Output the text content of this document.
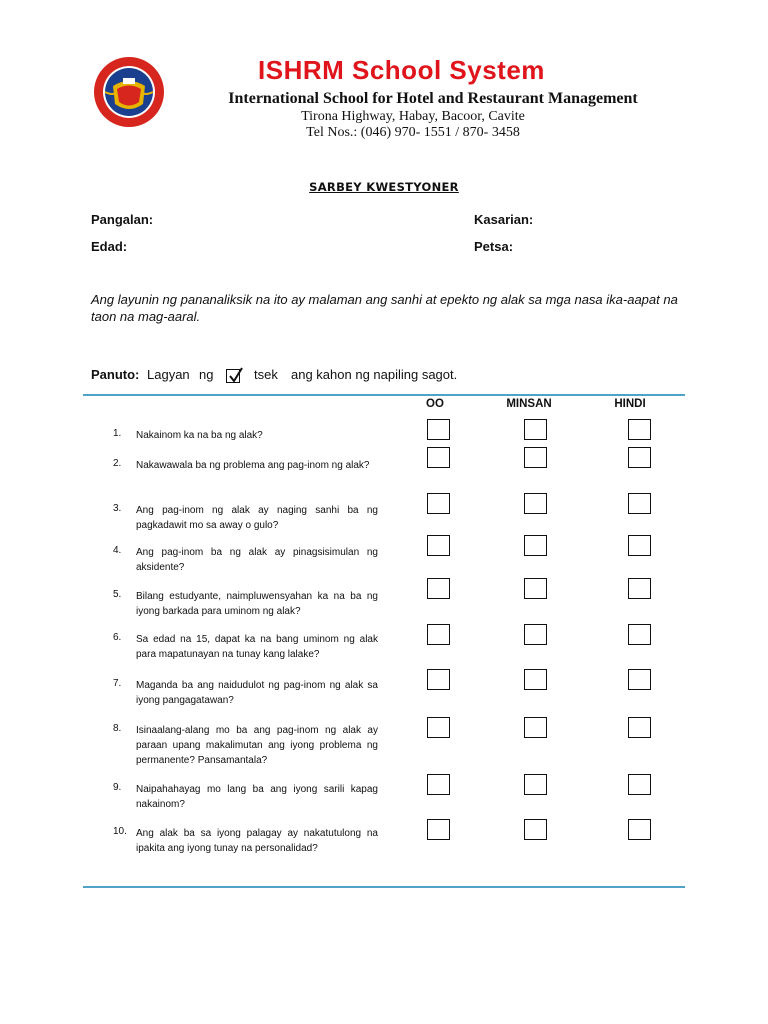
ISHRM School System
International School for Hotel and Restaurant Management
Tirona Highway, Habay, Bacoor, Cavite
Tel Nos.: (046) 970- 1551 / 870- 3458
SARBEY KWESTYONER
Pangalan:	Kasarian:
Edad:	Petsa:
Ang layunin ng pananaliksik na ito ay malaman ang sanhi at epekto ng alak sa mga nasa ika-aapat na taon na mag-aaral.
Panuto: Lagyan ng	tsek ang kahon ng napiling sagot.
OO	MINSAN	HINDI
1. Nakainom ka na ba ng alak?
2. Nakawawala ba ng problema ang pag-inom ng alak?
3. Ang pag-inom ng alak ay naging sanhi ba ng pagkadawit mo sa away o gulo?
4. Ang pag-inom ba ng alak ay pinagsisimulan ng aksidente?
5. Bilang estudyante, naimpluwensyahan ka na ba ng iyong barkada para uminom ng alak?
6. Sa edad na 15, dapat ka na bang uminom ng alak para mapatunayan na tunay kang lalake?
7. Maganda ba ang naidudulot ng pag-inom ng alak sa iyong pangagatawan?
8. Isinaalang-alang mo ba ang pag-inom ng alak ay paraan upang makalimutan ang iyong problema ng permanente? Pansamantala?
9. Naipahahayag mo lang ba ang iyong sarili kapag nakainom?
10. Ang alak ba sa iyong palagay ay nakatutulong na ipakita ang iyong tunay na personalidad?
